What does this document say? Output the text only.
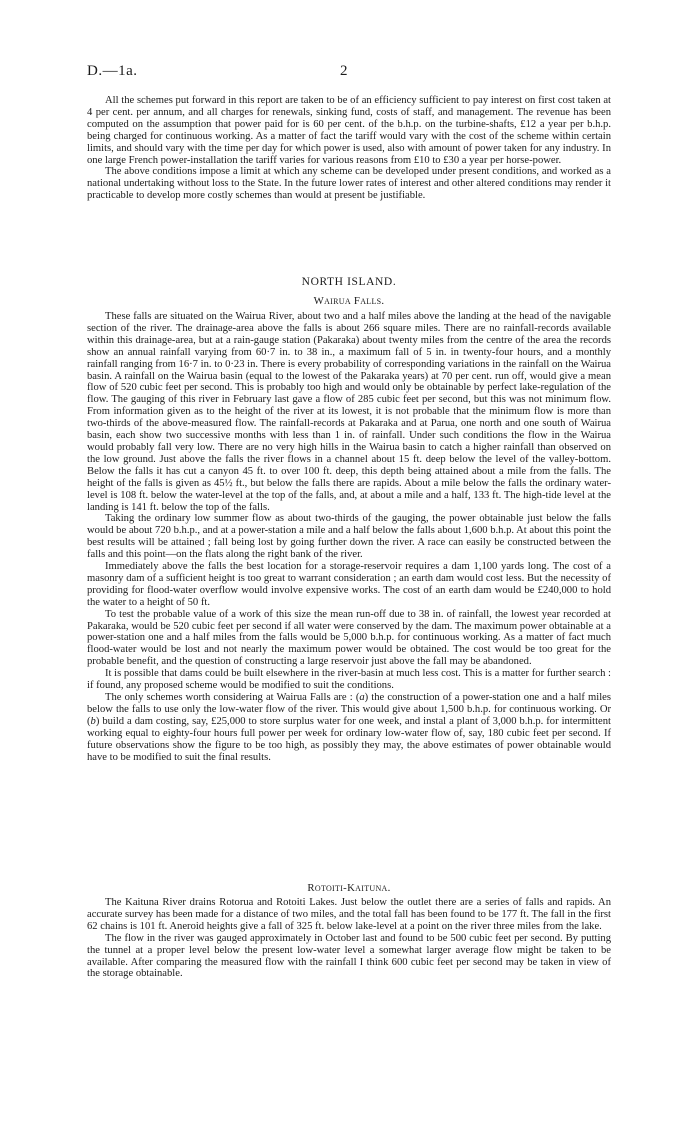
D.—1a.	2

All the schemes put forward in this report are taken to be of an efficiency sufficient to pay interest on first cost taken at 4 per cent. per annum, and all charges for renewals, sinking fund, costs of staff, and management. The revenue has been computed on the assumption that power paid for is 60 per cent. of the b.h.p. on the turbine-shafts, £12 a year per b.h.p. being charged for continuous working. As a matter of fact the tariff would vary with the cost of the scheme within certain limits, and should vary with the time per day for which power is used, also with amount of power taken for any industry. In one large French power-installation the tariff varies for various reasons from £10 to £30 a year per horse-power.

The above conditions impose a limit at which any scheme can be developed under present conditions, and worked as a national undertaking without loss to the State. In the future lower rates of interest and other altered conditions may render it practicable to develop more costly schemes than would at present be justifiable.

NORTH ISLAND.
Wairua Falls.

These falls are situated on the Wairua River, about two and a half miles above the landing at the head of the navigable section of the river. The drainage-area above the falls is about 266 square miles. There are no rainfall-records available within this drainage-area, but at a rain-gauge station (Pakaraka) about twenty miles from the centre of the area the records show an annual rainfall varying from 60·7 in. to 38 in., a maximum fall of 5 in. in twenty-four hours, and a monthly rainfall ranging from 16·7 in. to 0·23 in. There is every probability of corresponding variations in the rainfall on the Wairua basin. A rainfall on the Wairua basin (equal to the lowest of the Pakaraka years) at 70 per cent. run off, would give a mean flow of 520 cubic feet per second. This is probably too high and would only be obtainable by perfect lake-regulation of the flow. The gauging of this river in February last gave a flow of 285 cubic feet per second, but this was not minimum flow. From information given as to the height of the river at its lowest, it is not probable that the minimum flow is more than two-thirds of the above-measured flow. The rainfall-records at Pakaraka and at Parua, one north and one south of Wairua basin, each show two successive months with less than 1 in. of rainfall. Under such conditions the flow in the Wairua would probably fall very low. There are no very high hills in the Wairua basin to catch a higher rainfall than observed on the low ground. Just above the falls the river flows in a channel about 15 ft. deep below the level of the valley-bottom. Below the falls it has cut a canyon 45 ft. to over 100 ft. deep, this depth being attained about a mile from the falls. The height of the falls is given as 45½ ft., but below the falls there are rapids. About a mile below the falls the ordinary water-level is 108 ft. below the water-level at the top of the falls, and, at about a mile and a half, 133 ft. The high-tide level at the landing is 141 ft. below the top of the falls.

Taking the ordinary low summer flow as about two-thirds of the gauging, the power obtainable just below the falls would be about 720 b.h.p., and at a power-station a mile and a half below the falls about 1,600 b.h.p. At about this point the best results will be attained ; fall being lost by going further down the river. A race can easily be constructed between the falls and this point—on the flats along the right bank of the river.

Immediately above the falls the best location for a storage-reservoir requires a dam 1,100 yards long. The cost of a masonry dam of a sufficient height is too great to warrant consideration ; an earth dam would cost less. But the necessity of providing for flood-water overflow would involve expensive works. The cost of an earth dam would be £240,000 to hold the water to a height of 50 ft.

To test the probable value of a work of this size the mean run-off due to 38 in. of rainfall, the lowest year recorded at Pakaraka, would be 520 cubic feet per second if all water were conserved by the dam. The maximum power obtainable at a power-station one and a half miles from the falls would be 5,000 b.h.p. for continuous working. As a matter of fact much flood-water would be lost and not nearly the maximum power would be obtained. The cost would be too great for the probable benefit, and the question of constructing a large reservoir just above the fall may be abandoned.

It is possible that dams could be built elsewhere in the river-basin at much less cost. This is a matter for further search : if found, any proposed scheme would be modified to suit the conditions.

The only schemes worth considering at Wairua Falls are : (a) the construction of a power-station one and a half miles below the falls to use only the low-water flow of the river. This would give about 1,500 b.h.p. for continuous working. Or (b) build a dam costing, say, £25,000 to store surplus water for one week, and instal a plant of 3,000 b.h.p. for intermittent working equal to eighty-four hours full power per week for ordinary low-water flow of, say, 180 cubic feet per second. If future observations show the figure to be too high, as possibly they may, the above estimates of power obtainable would have to be modified to suit the final results.

Rotoiti-Kaituna.

The Kaituna River drains Rotorua and Rotoiti Lakes. Just below the outlet there are a series of falls and rapids. An accurate survey has been made for a distance of two miles, and the total fall has been found to be 177 ft. The fall in the first 62 chains is 101 ft. Aneroid heights give a fall of 325 ft. below lake-level at a point on the river three miles from the lake.

The flow in the river was gauged approximately in October last and found to be 500 cubic feet per second. By putting the tunnel at a proper level below the present low-water level a somewhat larger average flow might be taken to be available. After comparing the measured flow with the rainfall I think 600 cubic feet per second may be taken in view of the storage obtainable.
